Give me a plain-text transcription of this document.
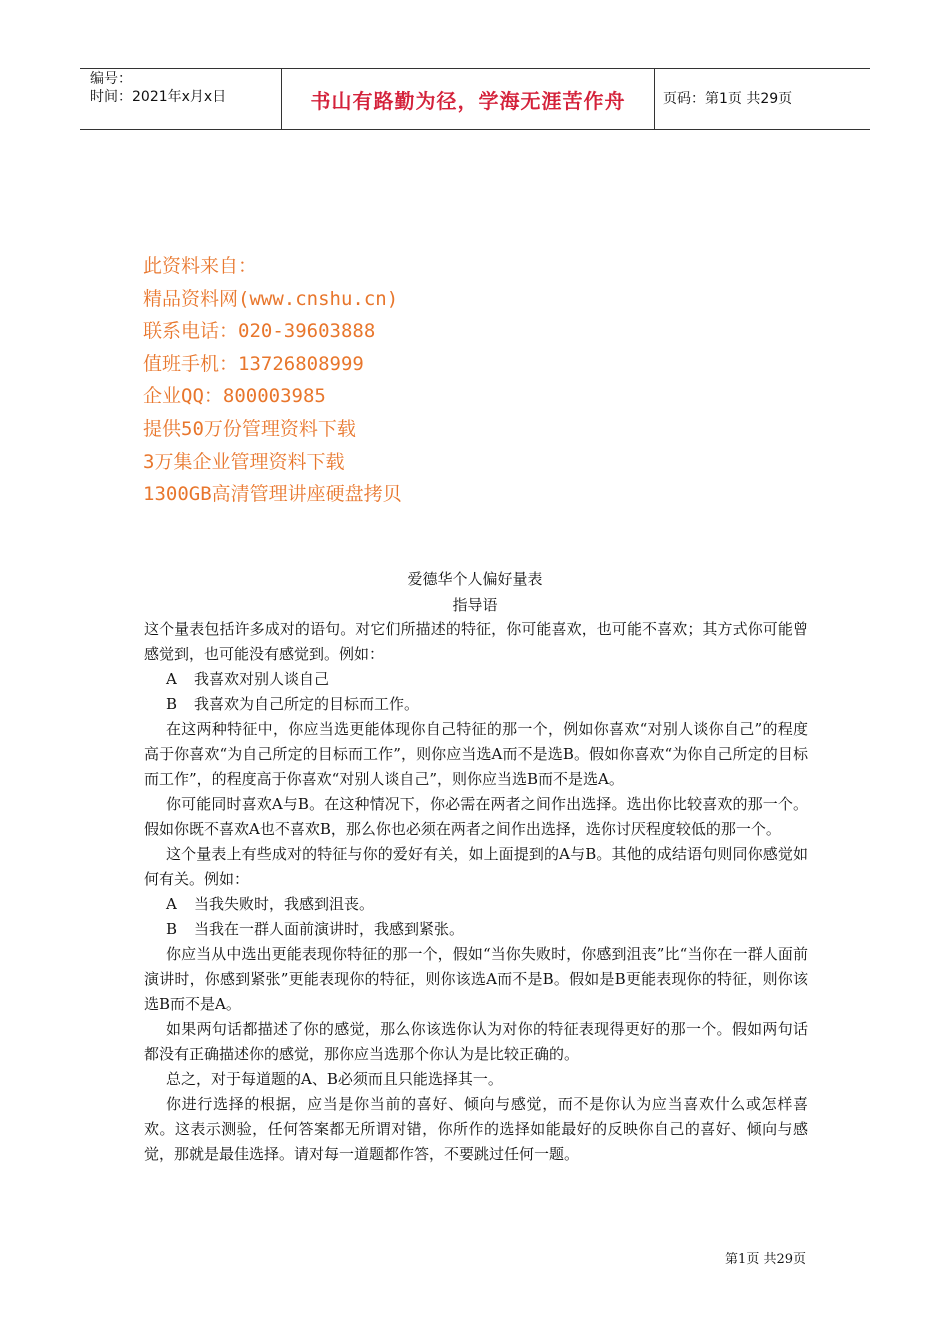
编号：
时间：2021年x月x日	书山有路勤为径，学海无涯苦作舟	页码：第1页 共29页
此资料来自：
精品资料网(www.cnshu.cn)
联系电话：020-39603888
值班手机：13726808999
企业QQ：800003985
提供50万份管理资料下载
3万集企业管理资料下载
1300GB高清管理讲座硬盘拷贝
爱德华个人偏好量表
指导语

这个量表包括许多成对的语句。对它们所描述的特征，你可能喜欢，也可能不喜欢；其方式你可能曾感觉到，也可能没有感觉到。例如：

A 我喜欢对别人谈自己

B 我喜欢为自己所定的目标而工作。

在这两种特征中，你应当选更能体现你自己特征的那一个，例如你喜欢“对别人谈你自己”的程度高于你喜欢“为自己所定的目标而工作”，则你应当选A而不是选B。假如你喜欢“为你自己所定的目标而工作”，的程度高于你喜欢“对别人谈自己”，则你应当选B而不是选A。

你可能同时喜欢A与B。在这种情况下，你必需在两者之间作出选择。选出你比较喜欢的那一个。假如你既不喜欢A也不喜欢B，那么你也必须在两者之间作出选择，选你讨厌程度较低的那一个。

这个量表上有些成对的特征与你的爱好有关，如上面提到的A与B。其他的成结语句则同你感觉如何有关。例如：

A 当我失败时，我感到沮丧。

B 当我在一群人面前演讲时，我感到紧张。

你应当从中选出更能表现你特征的那一个，假如“当你失败时，你感到沮丧”比“当你在一群人面前演讲时，你感到紧张”更能表现你的特征，则你该选A而不是B。假如是B更能表现你的特征，则你该选B而不是A。

如果两句话都描述了你的感觉，那么你该选你认为对你的特征表现得更好的那一个。假如两句话都没有正确描述你的感觉，那你应当选那个你认为是比较正确的。

总之，对于每道题的A、B必须而且只能选择其一。

你进行选择的根据，应当是你当前的喜好、倾向与感觉，而不是你认为应当喜欢什么或怎样喜欢。这表示测验，任何答案都无所谓对错，你所作的选择如能最好的反映你自己的喜好、倾向与感觉，那就是最佳选择。请对每一道题都作答，不要跳过任何一题。

第1页 共29页
